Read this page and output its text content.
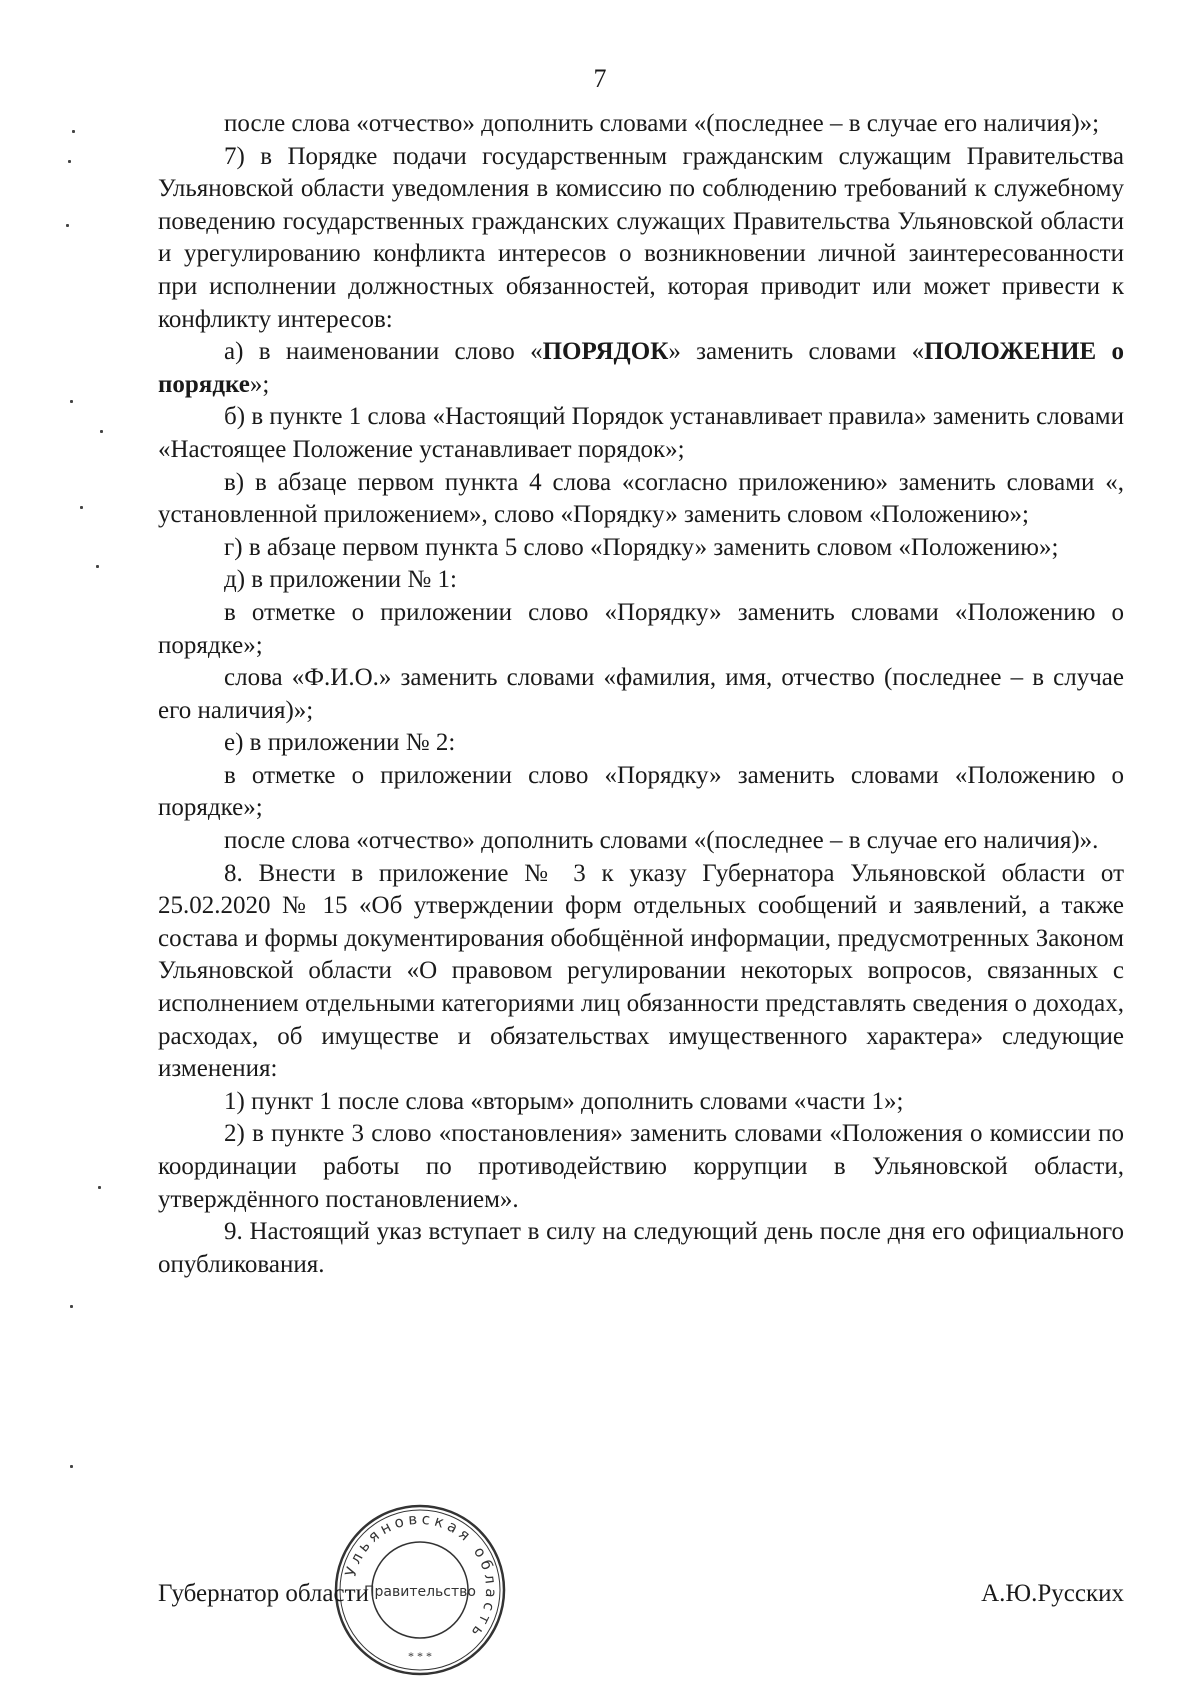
7

после слова «отчество» дополнить словами «(последнее – в случае его наличия)»;

7) в Порядке подачи государственным гражданским служащим Правительства Ульяновской области уведомления в комиссию по соблюдению требований к служебному поведению государственных гражданских служащих Правительства Ульяновской области и урегулированию конфликта интересов о возникновении личной заинтересованности при исполнении должностных обязанностей, которая приводит или может привести к конфликту интересов:

а) в наименовании слово «ПОРЯДОК» заменить словами «ПОЛОЖЕНИЕ о порядке»;

б) в пункте 1 слова «Настоящий Порядок устанавливает правила» заменить словами «Настоящее Положение устанавливает порядок»;

в) в абзаце первом пункта 4 слова «согласно приложению» заменить словами «, установленной приложением», слово «Порядку» заменить словом «Положению»;

г) в абзаце первом пункта 5 слово «Порядку» заменить словом «Положению»;

д) в приложении № 1:

в отметке о приложении слово «Порядку» заменить словами «Положению о порядке»;

слова «Ф.И.О.» заменить словами «фамилия, имя, отчество (последнее – в случае его наличия)»;

е) в приложении № 2:

в отметке о приложении слово «Порядку» заменить словами «Положению о порядке»;

после слова «отчество» дополнить словами «(последнее – в случае его наличия)».

8. Внести в приложение № 3 к указу Губернатора Ульяновской области от 25.02.2020 № 15 «Об утверждении форм отдельных сообщений и заявлений, а также состава и формы документирования обобщённой информации, предусмотренных Законом Ульяновской области «О правовом регулировании некоторых вопросов, связанных с исполнением отдельными категориями лиц обязанности представлять сведения о доходах, расходах, об имуществе и обязательствах имущественного характера» следующие изменения:

1) пункт 1 после слова «вторым» дополнить словами «части 1»;

2) в пункте 3 слово «постановления» заменить словами «Положения о комиссии по координации работы по противодействию коррупции в Ульяновской области, утверждённого постановлением».

9. Настоящий указ вступает в силу на следующий день после дня его официального опубликования.

Ульяновская область
Правительство
* * *
Губернатор области	А.Ю.Русских
